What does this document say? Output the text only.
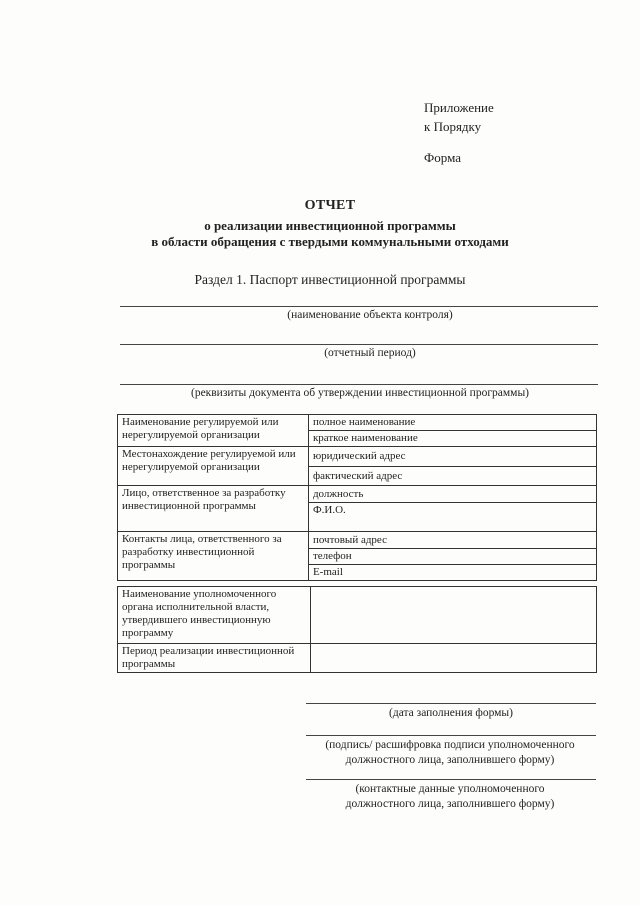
Приложение
к Порядку
Форма
ОТЧЕТ
о реализации инвестиционной программы
в области обращения с твердыми коммунальными отходами
Раздел 1. Паспорт инвестиционной программы
(наименование объекта контроля)
(отчетный период)
(реквизиты документа об утверждении инвестиционной программы)
Наименование регулируемой или нерегулируемой организации	полное наименование
	краткое наименование
Местонахождение регулируемой или нерегулируемой организации	юридический адрес
	фактический адрес
Лицо, ответственное за разработку инвестиционной программы	должность
	Ф.И.О.
Контакты лица, ответственного за разработку инвестиционной программы	почтовый адрес
	телефон
	E-mail
Наименование уполномоченного органа исполнительной власти, утвердившего инвестиционную программу	
Период реализации инвестиционной программы	
(дата заполнения формы)
(подпись/ расшифровка подписи уполномоченного
должностного лица, заполнившего форму)
(контактные данные уполномоченного
должностного лица, заполнившего форму)
